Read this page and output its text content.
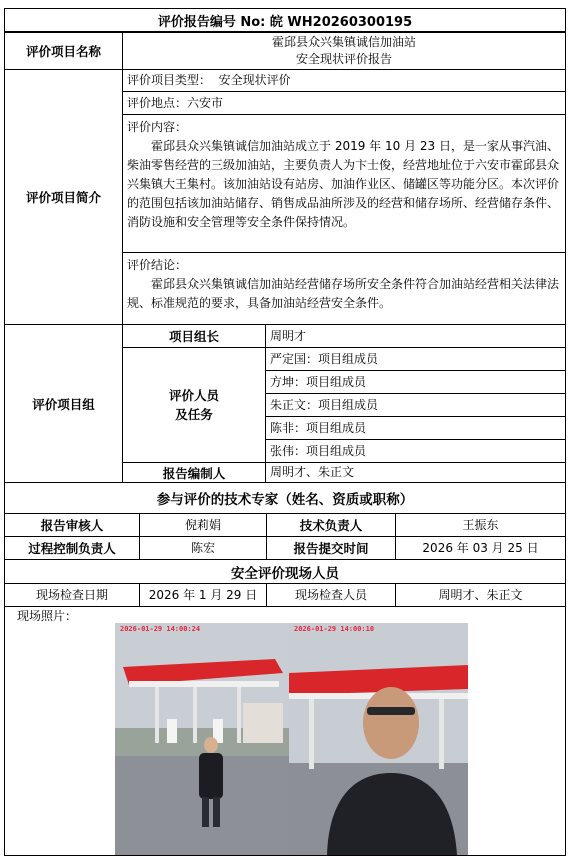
评价报告编号 No: 皖 WH20260300195
评价项目名称
霍邱县众兴集镇诚信加油站
安全现状评价报告
评价项目简介
评价项目类型：
安全现状评价
评价地点：六安市
评价内容：
霍邱县众兴集镇诚信加油站成立于 2019 年 10 月 23 日，是一家从事汽油、柴油零售经营的三级加油站，主要负责人为卞士俊，经营地址位于六安市霍邱县众兴集镇大王集村。该加油站设有站房、加油作业区、储罐区等功能分区。本次评价的范围包括该加油站储存、销售成品油所涉及的经营和储存场所、经营储存条件、消防设施和安全管理等安全条件保持情况。
评价结论：
霍邱县众兴集镇诚信加油站经营储存场所安全条件符合加油站经营相关法律法规、标准规范的要求，具备加油站经营安全条件。
评价项目组
项目组长	周明才
评价人员
及任务
严定国：项目组成员
方坤：项目组成员
朱正文：项目组成员
陈非：项目组成员
张伟：项目组成员
报告编制人	周明才、朱正文
参与评价的技术专家（姓名、资质或职称）
报告审核人	倪莉娟	技术负责人	王振东
过程控制负责人	陈宏	报告提交时间	2026 年 03 月 25 日
安全评价现场人员
现场检查日期	2026 年 1 月 29 日	现场检查人员	周明才、朱正文
现场照片：
2026-01-29 14:00:24	2026-01-29 14:00:10
